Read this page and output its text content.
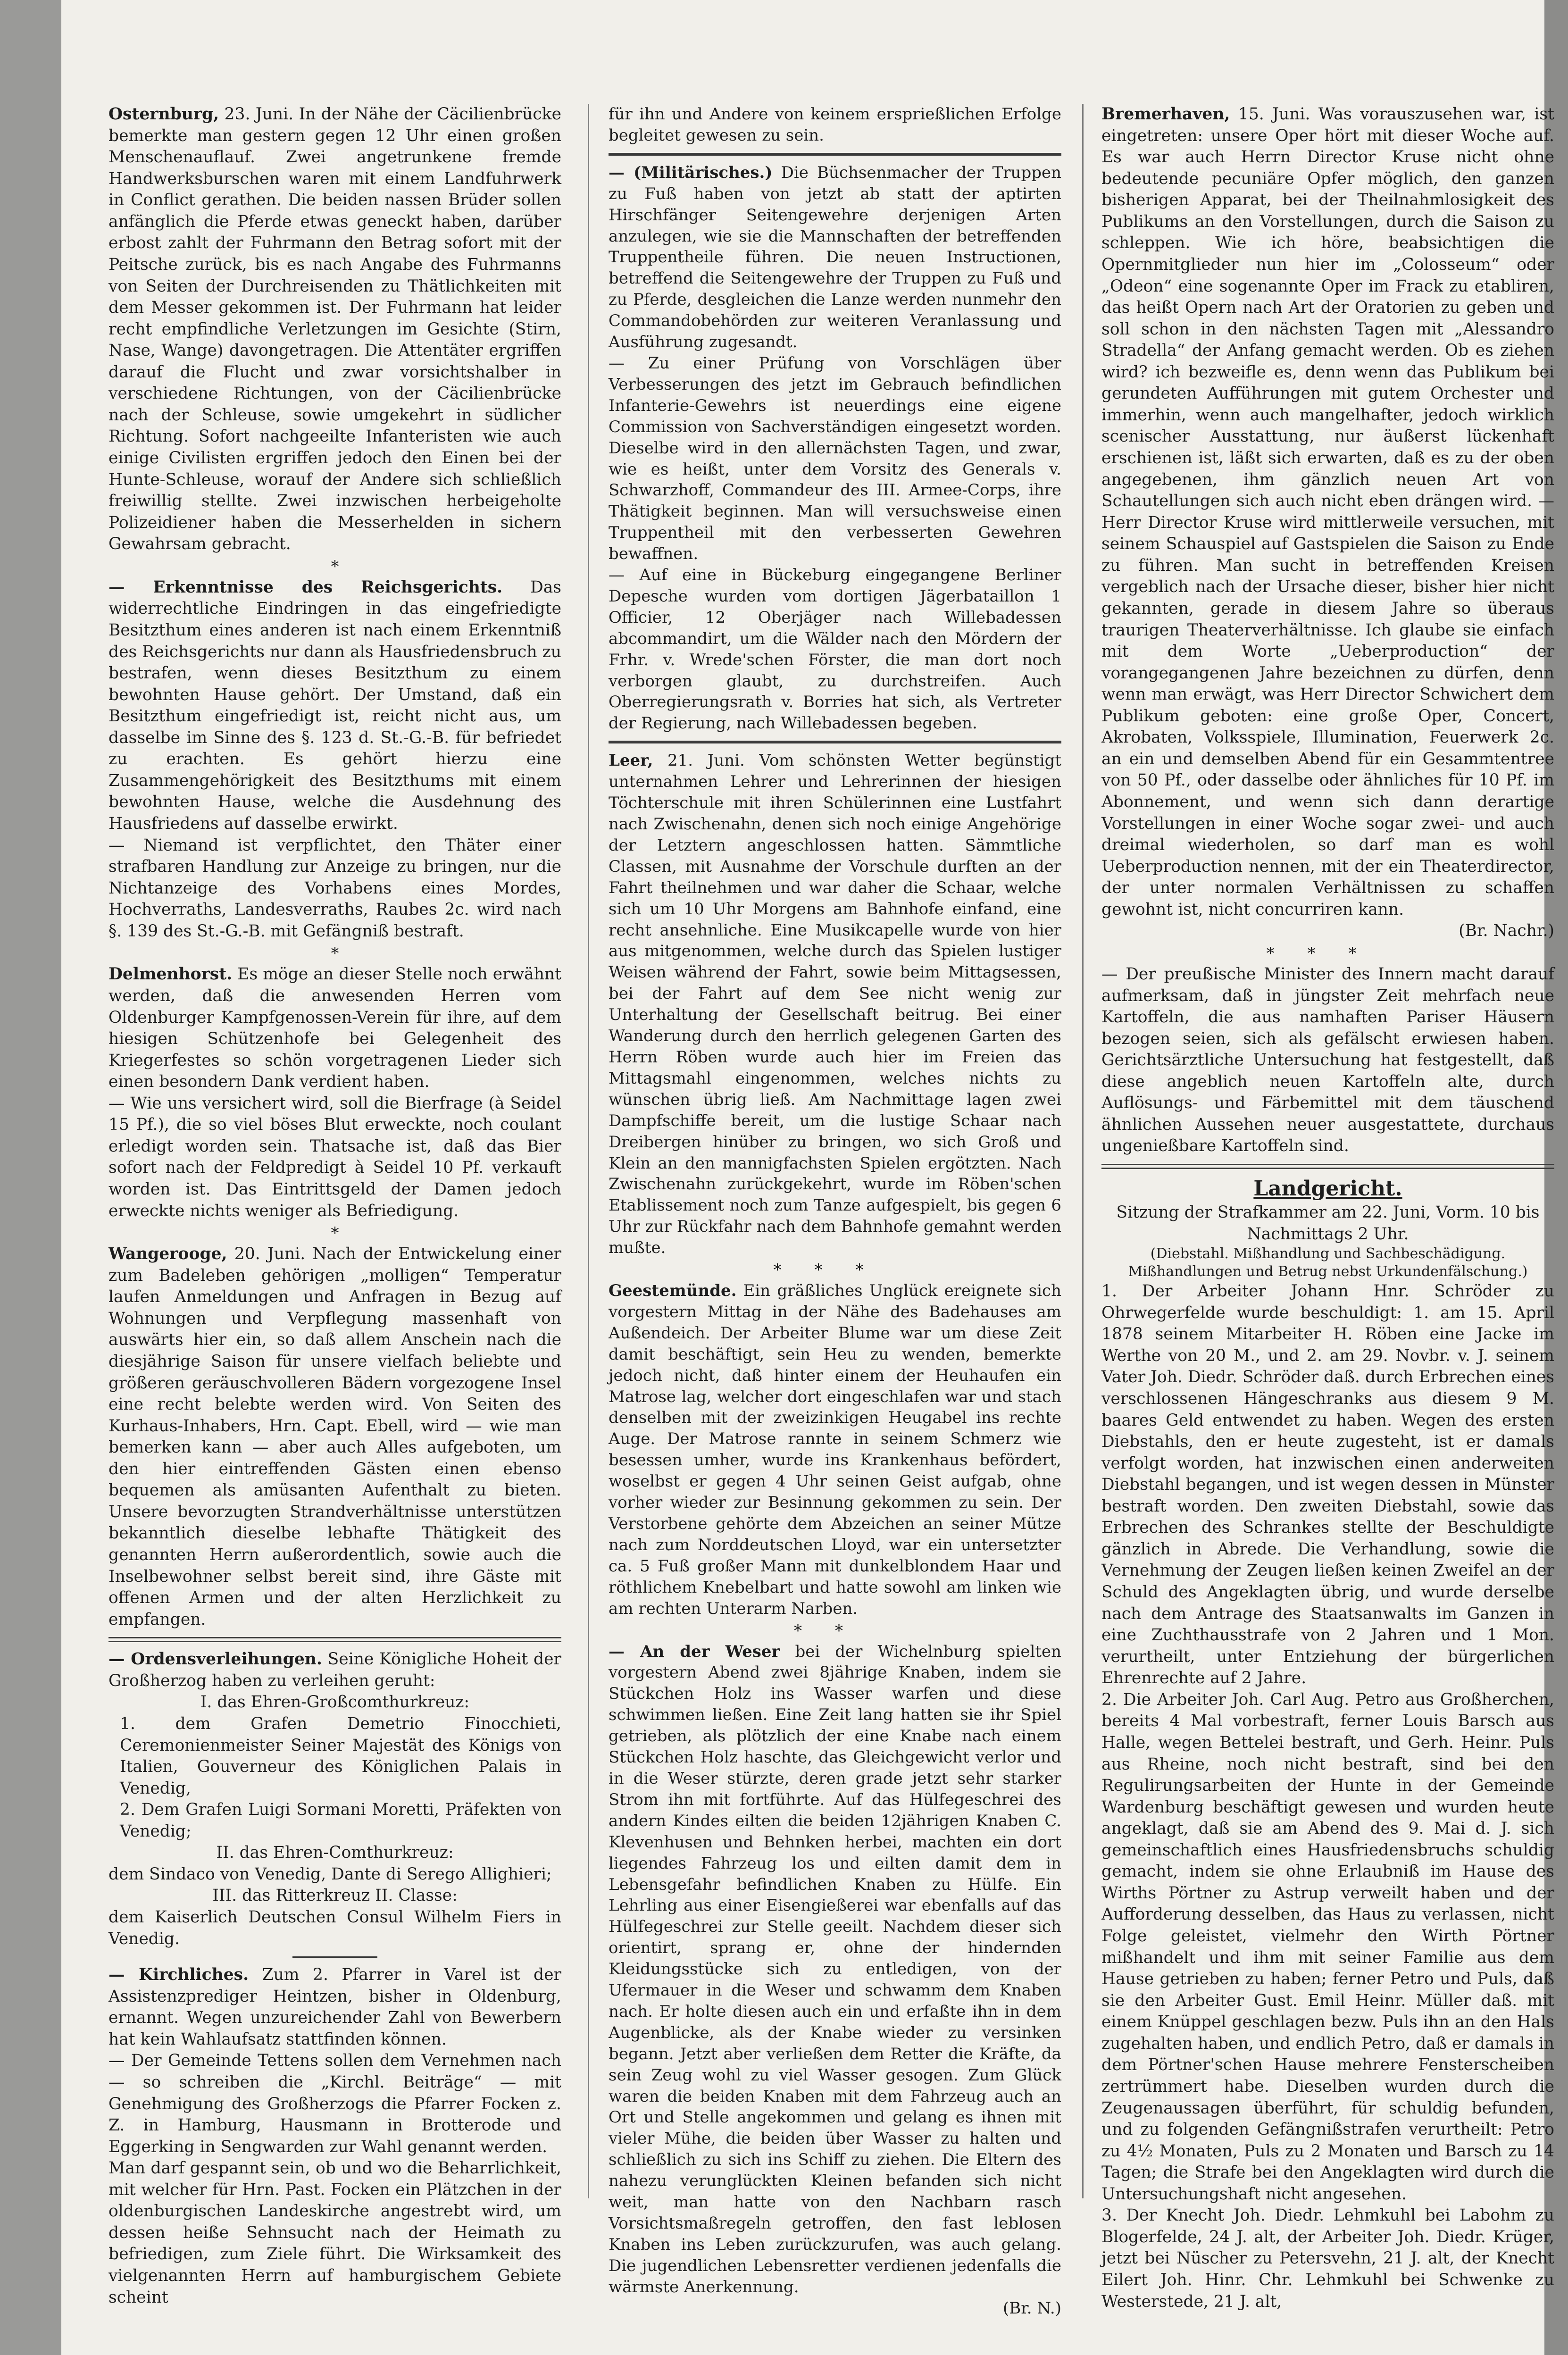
Osternburg, 23. Juni. In der Nähe der Cäcilienbrücke bemerkte man gestern gegen 12 Uhr einen großen Menschenauflauf. Zwei angetrunkene fremde Handwerksburschen waren mit einem Landfuhrwerk in Conflict gerathen. Die beiden nassen Brüder sollen anfänglich die Pferde etwas geneckt haben, darüber erbost zahlt der Fuhrmann den Betrag sofort mit der Peitsche zurück, bis es nach Angabe des Fuhrmanns von Seiten der Durchreisenden zu Thätlichkeiten mit dem Messer gekommen ist. Der Fuhrmann hat leider recht empfindliche Verletzungen im Gesichte (Stirn, Nase, Wange) davongetragen. Die Attentäter ergriffen darauf die Flucht und zwar vorsichtshalber in verschiedene Richtungen, von der Cäcilienbrücke nach der Schleuse, sowie umgekehrt in südlicher Richtung. Sofort nachgeeilte Infanteristen wie auch einige Civilisten ergriffen jedoch den Einen bei der Hunte-Schleuse, worauf der Andere sich schließlich freiwillig stellte. Zwei inzwischen herbeigeholte Polizeidiener haben die Messerhelden in sichern Gewahrsam gebracht.

*

— Erkenntnisse des Reichsgerichts. Das widerrechtliche Eindringen in das eingefriedigte Besitzthum eines anderen ist nach einem Erkenntniß des Reichsgerichts nur dann als Hausfriedensbruch zu bestrafen, wenn dieses Besitzthum zu einem bewohnten Hause gehört. Der Umstand, daß ein Besitzthum eingefriedigt ist, reicht nicht aus, um dasselbe im Sinne des §. 123 d. St.-G.-B. für befriedet zu erachten. Es gehört hierzu eine Zusammengehörigkeit des Besitzthums mit einem bewohnten Hause, welche die Ausdehnung des Hausfriedens auf dasselbe erwirkt.

— Niemand ist verpflichtet, den Thäter einer strafbaren Handlung zur Anzeige zu bringen, nur die Nichtanzeige des Vorhabens eines Mordes, Hochverraths, Landesverraths, Raubes 2c. wird nach §. 139 des St.-G.-B. mit Gefängniß bestraft.

*

Delmenhorst. Es möge an dieser Stelle noch erwähnt werden, daß die anwesenden Herren vom Oldenburger Kampfgenossen-Verein für ihre, auf dem hiesigen Schützenhofe bei Gelegenheit des Kriegerfestes so schön vorgetragenen Lieder sich einen besondern Dank verdient haben.

— Wie uns versichert wird, soll die Bierfrage (à Seidel 15 Pf.), die so viel böses Blut erweckte, noch coulant erledigt worden sein. Thatsache ist, daß das Bier sofort nach der Feldpredigt à Seidel 10 Pf. verkauft worden ist. Das Eintrittsgeld der Damen jedoch erweckte nichts weniger als Befriedigung.

*

Wangerooge, 20. Juni. Nach der Entwickelung einer zum Badeleben gehörigen „molligen“ Temperatur laufen Anmeldungen und Anfragen in Bezug auf Wohnungen und Verpflegung massenhaft von auswärts hier ein, so daß allem Anschein nach die diesjährige Saison für unsere vielfach beliebte und größeren geräuschvolleren Bädern vorgezogene Insel eine recht belebte werden wird. Von Seiten des Kurhaus-Inhabers, Hrn. Capt. Ebell, wird — wie man bemerken kann — aber auch Alles aufgeboten, um den hier eintreffenden Gästen einen ebenso bequemen als amüsanten Aufenthalt zu bieten. Unsere bevorzugten Strandverhältnisse unterstützen bekanntlich dieselbe lebhafte Thätigkeit des genannten Herrn außerordentlich, sowie auch die Inselbewohner selbst bereit sind, ihre Gäste mit offenen Armen und der alten Herzlichkeit zu empfangen.

— Ordensverleihungen. Seine Königliche Hoheit der Großherzog haben zu verleihen geruht:

I. das Ehren-Großcomthurkreuz:

1. dem Grafen Demetrio Finocchieti, Ceremonienmeister Seiner Majestät des Königs von Italien, Gouverneur des Königlichen Palais in Venedig,

2. Dem Grafen Luigi Sormani Moretti, Präfekten von Venedig;

II. das Ehren-Comthurkreuz:

dem Sindaco von Venedig, Dante di Serego Allighieri;

III. das Ritterkreuz II. Classe:

dem Kaiserlich Deutschen Consul Wilhelm Fiers in Venedig.

— Kirchliches. Zum 2. Pfarrer in Varel ist der Assistenzprediger Heintzen, bisher in Oldenburg, ernannt. Wegen unzureichender Zahl von Bewerbern hat kein Wahlaufsatz stattfinden können.

— Der Gemeinde Tettens sollen dem Vernehmen nach — so schreiben die „Kirchl. Beiträge“ — mit Genehmigung des Großherzogs die Pfarrer Focken z. Z. in Hamburg, Hausmann in Brotterode und Eggerking in Sengwarden zur Wahl genannt werden.

Man darf gespannt sein, ob und wo die Beharrlichkeit, mit welcher für Hrn. Past. Focken ein Plätzchen in der oldenburgischen Landeskirche angestrebt wird, um dessen heiße Sehnsucht nach der Heimath zu befriedigen, zum Ziele führt. Die Wirksamkeit des vielgenannten Herrn auf hamburgischem Gebiete scheint

für ihn und Andere von keinem ersprießlichen Erfolge begleitet gewesen zu sein.

— (Militärisches.) Die Büchsenmacher der Truppen zu Fuß haben von jetzt ab statt der aptirten Hirschfänger Seitengewehre derjenigen Arten anzulegen, wie sie die Mannschaften der betreffenden Truppentheile führen. Die neuen Instructionen, betreffend die Seitengewehre der Truppen zu Fuß und zu Pferde, desgleichen die Lanze werden nunmehr den Commandobehörden zur weiteren Veranlassung und Ausführung zugesandt.

— Zu einer Prüfung von Vorschlägen über Verbesserungen des jetzt im Gebrauch befindlichen Infanterie-Gewehrs ist neuerdings eine eigene Commission von Sachverständigen eingesetzt worden. Dieselbe wird in den allernächsten Tagen, und zwar, wie es heißt, unter dem Vorsitz des Generals v. Schwarzhoff, Commandeur des III. Armee-Corps, ihre Thätigkeit beginnen. Man will versuchsweise einen Truppentheil mit den verbesserten Gewehren bewaffnen.

— Auf eine in Bückeburg eingegangene Berliner Depesche wurden vom dortigen Jägerbataillon 1 Officier, 12 Oberjäger nach Willebadessen abcommandirt, um die Wälder nach den Mördern der Frhr. v. Wrede'schen Förster, die man dort noch verborgen glaubt, zu durchstreifen. Auch Oberregierungsrath v. Borries hat sich, als Vertreter der Regierung, nach Willebadessen begeben.

Leer, 21. Juni. Vom schönsten Wetter begünstigt unternahmen Lehrer und Lehrerinnen der hiesigen Töchterschule mit ihren Schülerinnen eine Lustfahrt nach Zwischenahn, denen sich noch einige Angehörige der Letztern angeschlossen hatten. Sämmtliche Classen, mit Ausnahme der Vorschule durften an der Fahrt theilnehmen und war daher die Schaar, welche sich um 10 Uhr Morgens am Bahnhofe einfand, eine recht ansehnliche. Eine Musikcapelle wurde von hier aus mitgenommen, welche durch das Spielen lustiger Weisen während der Fahrt, sowie beim Mittagsessen, bei der Fahrt auf dem See nicht wenig zur Unterhaltung der Gesellschaft beitrug. Bei einer Wanderung durch den herrlich gelegenen Garten des Herrn Röben wurde auch hier im Freien das Mittagsmahl eingenommen, welches nichts zu wünschen übrig ließ. Am Nachmittage lagen zwei Dampfschiffe bereit, um die lustige Schaar nach Dreibergen hinüber zu bringen, wo sich Groß und Klein an den mannigfachsten Spielen ergötzten. Nach Zwischenahn zurückgekehrt, wurde im Röben'schen Etablissement noch zum Tanze aufgespielt, bis gegen 6 Uhr zur Rückfahr nach dem Bahnhofe gemahnt werden mußte.

***

Geestemünde. Ein gräßliches Unglück ereignete sich vorgestern Mittag in der Nähe des Badehauses am Außendeich. Der Arbeiter Blume war um diese Zeit damit beschäftigt, sein Heu zu wenden, bemerkte jedoch nicht, daß hinter einem der Heuhaufen ein Matrose lag, welcher dort eingeschlafen war und stach denselben mit der zweizinkigen Heugabel ins rechte Auge. Der Matrose rannte in seinem Schmerz wie besessen umher, wurde ins Krankenhaus befördert, woselbst er gegen 4 Uhr seinen Geist aufgab, ohne vorher wieder zur Besinnung gekommen zu sein. Der Verstorbene gehörte dem Abzeichen an seiner Mütze nach zum Norddeutschen Lloyd, war ein untersetzter ca. 5 Fuß großer Mann mit dunkelblondem Haar und röthlichem Knebelbart und hatte sowohl am linken wie am rechten Unterarm Narben.

**

— An der Weser bei der Wichelnburg spielten vorgestern Abend zwei 8jährige Knaben, indem sie Stückchen Holz ins Wasser warfen und diese schwimmen ließen. Eine Zeit lang hatten sie ihr Spiel getrieben, als plötzlich der eine Knabe nach einem Stückchen Holz haschte, das Gleichgewicht verlor und in die Weser stürzte, deren grade jetzt sehr starker Strom ihn mit fortführte. Auf das Hülfegeschrei des andern Kindes eilten die beiden 12jährigen Knaben C. Klevenhusen und Behnken herbei, machten ein dort liegendes Fahrzeug los und eilten damit dem in Lebensgefahr befindlichen Knaben zu Hülfe. Ein Lehrling aus einer Eisengießerei war ebenfalls auf das Hülfegeschrei zur Stelle geeilt. Nachdem dieser sich orientirt, sprang er, ohne der hindernden Kleidungsstücke sich zu entledigen, von der Ufermauer in die Weser und schwamm dem Knaben nach. Er holte diesen auch ein und erfaßte ihn in dem Augenblicke, als der Knabe wieder zu versinken begann. Jetzt aber verließen dem Retter die Kräfte, da sein Zeug wohl zu viel Wasser gesogen. Zum Glück waren die beiden Knaben mit dem Fahrzeug auch an Ort und Stelle angekommen und gelang es ihnen mit vieler Mühe, die beiden über Wasser zu halten und schließlich zu sich ins Schiff zu ziehen. Die Eltern des nahezu verunglückten Kleinen befanden sich nicht weit, man hatte von den Nachbarn rasch Vorsichtsmaßregeln getroffen, den fast leblosen Knaben ins Leben zurückzurufen, was auch gelang. Die jugendlichen Lebensretter verdienen jedenfalls die wärmste Anerkennung.

(Br. N.)

Bremerhaven, 15. Juni. Was vorauszusehen war, ist eingetreten: unsere Oper hört mit dieser Woche auf. Es war auch Herrn Director Kruse nicht ohne bedeutende pecuniäre Opfer möglich, den ganzen bisherigen Apparat, bei der Theilnahmlosigkeit des Publikums an den Vorstellungen, durch die Saison zu schleppen. Wie ich höre, beabsichtigen die Opernmitglieder nun hier im „Colosseum“ oder „Odeon“ eine sogenannte Oper im Frack zu etabliren, das heißt Opern nach Art der Oratorien zu geben und soll schon in den nächsten Tagen mit „Alessandro Stradella“ der Anfang gemacht werden. Ob es ziehen wird? ich bezweifle es, denn wenn das Publikum bei gerundeten Aufführungen mit gutem Orchester und immerhin, wenn auch mangelhafter, jedoch wirklich scenischer Ausstattung, nur äußerst lückenhaft erschienen ist, läßt sich erwarten, daß es zu der oben angegebenen, ihm gänzlich neuen Art von Schautellungen sich auch nicht eben drängen wird. — Herr Director Kruse wird mittlerweile versuchen, mit seinem Schauspiel auf Gastspielen die Saison zu Ende zu führen. Man sucht in betreffenden Kreisen vergeblich nach der Ursache dieser, bisher hier nicht gekannten, gerade in diesem Jahre so überaus traurigen Theaterverhältnisse. Ich glaube sie einfach mit dem Worte „Ueberproduction“ der vorangegangenen Jahre bezeichnen zu dürfen, denn wenn man erwägt, was Herr Director Schwichert dem Publikum geboten: eine große Oper, Concert, Akrobaten, Volksspiele, Illumination, Feuerwerk 2c. an ein und demselben Abend für ein Gesammtentree von 50 Pf., oder dasselbe oder ähnliches für 10 Pf. im Abonnement, und wenn sich dann derartige Vorstellungen in einer Woche sogar zwei- und auch dreimal wiederholen, so darf man es wohl Ueberproduction nennen, mit der ein Theaterdirector, der unter normalen Verhältnissen zu schaffen gewohnt ist, nicht concurriren kann.

(Br. Nachr.)

***

— Der preußische Minister des Innern macht darauf aufmerksam, daß in jüngster Zeit mehrfach neue Kartoffeln, die aus namhaften Pariser Häusern bezogen seien, sich als gefälscht erwiesen haben. Gerichtsärztliche Untersuchung hat festgestellt, daß diese angeblich neuen Kartoffeln alte, durch Auflösungs- und Färbemittel mit dem täuschend ähnlichen Aussehen neuer ausgestattete, durchaus ungenießbare Kartoffeln sind.

Landgericht.

Sitzung der Strafkammer am 22. Juni, Vorm. 10 bis Nachmittags 2 Uhr.

(Diebstahl. Mißhandlung und Sachbeschädigung. Mißhandlungen und Betrug nebst Urkundenfälschung.)

1. Der Arbeiter Johann Hnr. Schröder zu Ohrwegerfelde wurde beschuldigt: 1. am 15. April 1878 seinem Mitarbeiter H. Röben eine Jacke im Werthe von 20 M., und 2. am 29. Novbr. v. J. seinem Vater Joh. Diedr. Schröder daß. durch Erbrechen eines verschlossenen Hängeschranks aus diesem 9 M. baares Geld entwendet zu haben. Wegen des ersten Diebstahls, den er heute zugesteht, ist er damals verfolgt worden, hat inzwischen einen anderweiten Diebstahl begangen, und ist wegen dessen in Münster bestraft worden. Den zweiten Diebstahl, sowie das Erbrechen des Schrankes stellte der Beschuldigte gänzlich in Abrede. Die Verhandlung, sowie die Vernehmung der Zeugen ließen keinen Zweifel an der Schuld des Angeklagten übrig, und wurde derselbe nach dem Antrage des Staatsanwalts im Ganzen in eine Zuchthausstrafe von 2 Jahren und 1 Mon. verurtheilt, unter Entziehung der bürgerlichen Ehrenrechte auf 2 Jahre.

2. Die Arbeiter Joh. Carl Aug. Petro aus Großherchen, bereits 4 Mal vorbestraft, ferner Louis Barsch aus Halle, wegen Bettelei bestraft, und Gerh. Heinr. Puls aus Rheine, noch nicht bestraft, sind bei den Regulirungsarbeiten der Hunte in der Gemeinde Wardenburg beschäftigt gewesen und wurden heute angeklagt, daß sie am Abend des 9. Mai d. J. sich gemeinschaftlich eines Hausfriedensbruchs schuldig gemacht, indem sie ohne Erlaubniß im Hause des Wirths Pörtner zu Astrup verweilt haben und der Aufforderung desselben, das Haus zu verlassen, nicht Folge geleistet, vielmehr den Wirth Pörtner mißhandelt und ihm mit seiner Familie aus dem Hause getrieben zu haben; ferner Petro und Puls, daß sie den Arbeiter Gust. Emil Heinr. Müller daß. mit einem Knüppel geschlagen bezw. Puls ihn an den Hals zugehalten haben, und endlich Petro, daß er damals in dem Pörtner'schen Hause mehrere Fensterscheiben zertrümmert habe. Dieselben wurden durch die Zeugenaussagen überführt, für schuldig befunden, und zu folgenden Gefängnißstrafen verurtheilt: Petro zu 4½ Monaten, Puls zu 2 Monaten und Barsch zu 14 Tagen; die Strafe bei den Angeklagten wird durch die Untersuchungshaft nicht angesehen.

3. Der Knecht Joh. Diedr. Lehmkuhl bei Labohm zu Blogerfelde, 24 J. alt, der Arbeiter Joh. Diedr. Krüger, jetzt bei Nüscher zu Petersvehn, 21 J. alt, der Knecht Eilert Joh. Hinr. Chr. Lehmkuhl bei Schwenke zu Westerstede, 21 J. alt,
